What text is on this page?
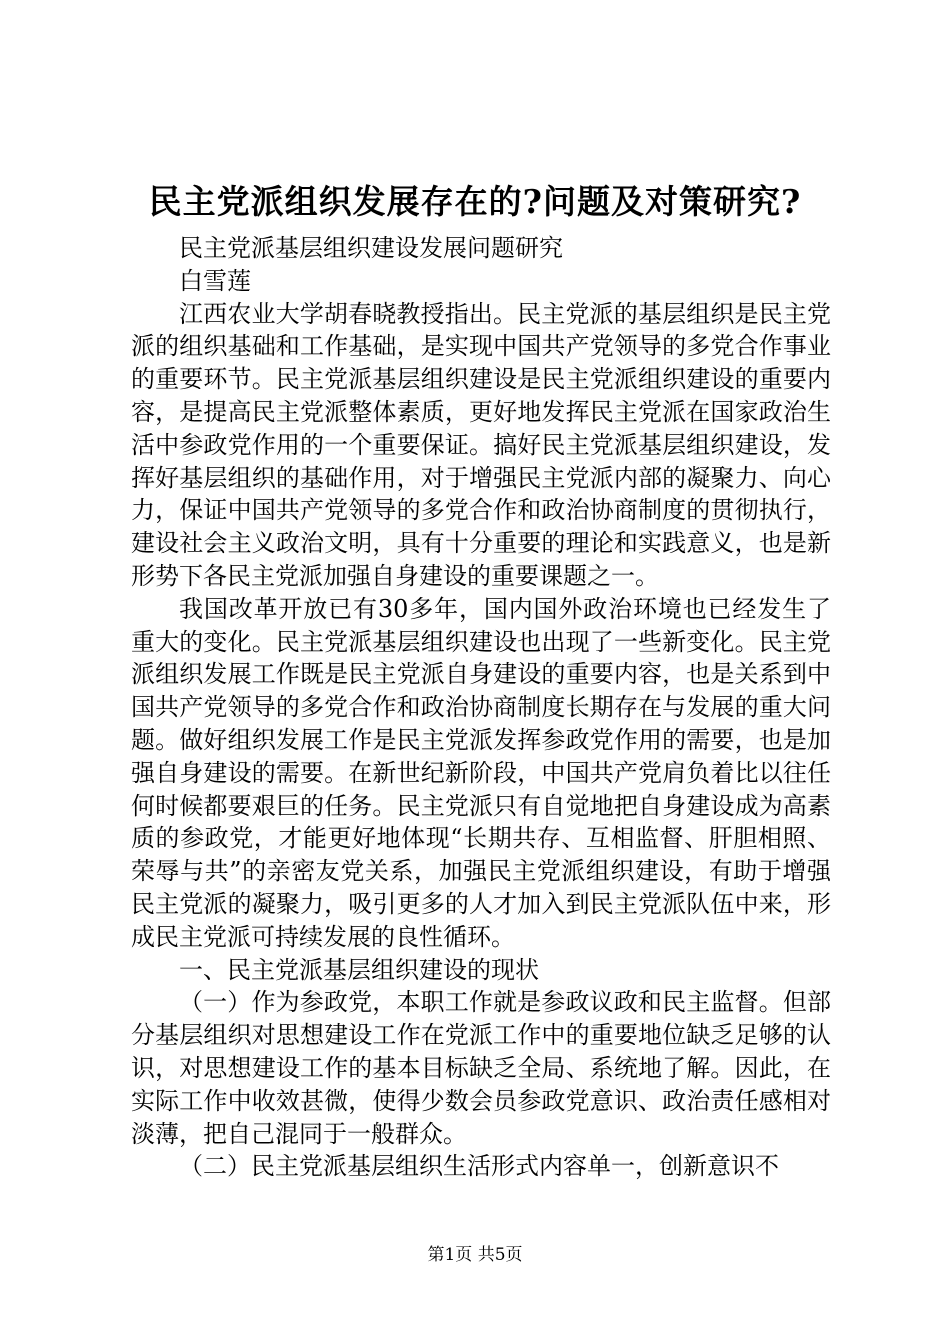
民主党派组织发展存在的?问题及对策研究?

民主党派基层组织建设发展问题研究

白雪莲

江西农业大学胡春晓教授指出。民主党派的基层组织是民主党派的组织基础和工作基础，是实现中国共产党领导的多党合作事业的重要环节。民主党派基层组织建设是民主党派组织建设的重要内容，是提高民主党派整体素质，更好地发挥民主党派在国家政治生活中参政党作用的一个重要保证。搞好民主党派基层组织建设，发挥好基层组织的基础作用，对于增强民主党派内部的凝聚力、向心力，保证中国共产党领导的多党合作和政治协商制度的贯彻执行，建设社会主义政治文明，具有十分重要的理论和实践意义，也是新形势下各民主党派加强自身建设的重要课题之一。

我国改革开放已有30多年，国内国外政治环境也已经发生了重大的变化。民主党派基层组织建设也出现了一些新变化。民主党派组织发展工作既是民主党派自身建设的重要内容，也是关系到中国共产党领导的多党合作和政治协商制度长期存在与发展的重大问题。做好组织发展工作是民主党派发挥参政党作用的需要，也是加强自身建设的需要。在新世纪新阶段，中国共产党肩负着比以往任何时候都要艰巨的任务。民主党派只有自觉地把自身建设成为高素质的参政党，才能更好地体现“长期共存、互相监督、肝胆相照、荣辱与共”的亲密友党关系，加强民主党派组织建设，有助于增强民主党派的凝聚力，吸引更多的人才加入到民主党派队伍中来，形成民主党派可持续发展的良性循环。

一、民主党派基层组织建设的现状

（一）作为参政党，本职工作就是参政议政和民主监督。但部分基层组织对思想建设工作在党派工作中的重要地位缺乏足够的认识，对思想建设工作的基本目标缺乏全局、系统地了解。因此，在实际工作中收效甚微，使得少数会员参政党意识、政治责任感相对淡薄，把自己混同于一般群众。

（二）民主党派基层组织生活形式内容单一，创新意识不

第1页 共5页
